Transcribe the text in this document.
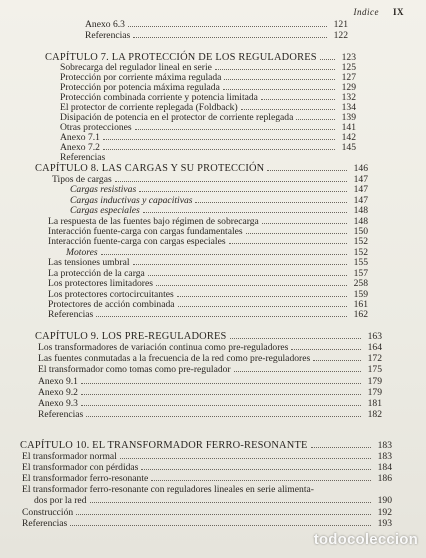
Indice IX
Anexo 6.3	121
Referencias	122
CAPÍTULO 7. LA PROTECCIÓN DE LOS REGULADORES	123
Sobrecarga del regulador lineal en serie	125
Protección por corriente máxima regulada	127
Protección por potencia máxima regulada	129
Protección combinada corriente y potencia limitada	132
El protector de corriente replegada (Foldback)	134
Disipación de potencia en el protector de corriente replegada	139
Otras protecciones	141
Anexo 7.1	142
Anexo 7.2	145
Referencias
CAPÍTULO 8. LAS CARGAS Y SU PROTECCIÓN	146
Tipos de cargas	147
Cargas resistivas	147
Cargas inductivas y capacitivas	147
Cargas especiales	148
La respuesta de las fuentes bajo régimen de sobrecarga	148
Interacción fuente-carga con cargas fundamentales	150
Interacción fuente-carga con cargas especiales	152
Motores	152
Las tensiones umbral	155
La protección de la carga	157
Los protectores limitadores	258
Los protectores cortocircuitantes	159
Protectores de acción combinada	161
Referencias	162
CAPÍTULO 9. LOS PRE-REGULADORES	163
Los transformadores de variación continua como pre-reguladores	164
Las fuentes conmutadas a la frecuencia de la red como pre-reguladores	172
El transformador como tomas como pre-regulador	175
Anexo 9.1	179
Anexo 9.2	179
Anexo 9.3	181
Referencias	182
CAPÍTULO 10. EL TRANSFORMADOR FERRO-RESONANTE	183
El transformador normal	183
El transformador con pérdidas	184
El transformador ferro-resonante	186
El transformador ferro-resonante con reguladores lineales en serie alimenta-
dos por la red	190
Construcción	192
Referencias	193
todocoleccion
